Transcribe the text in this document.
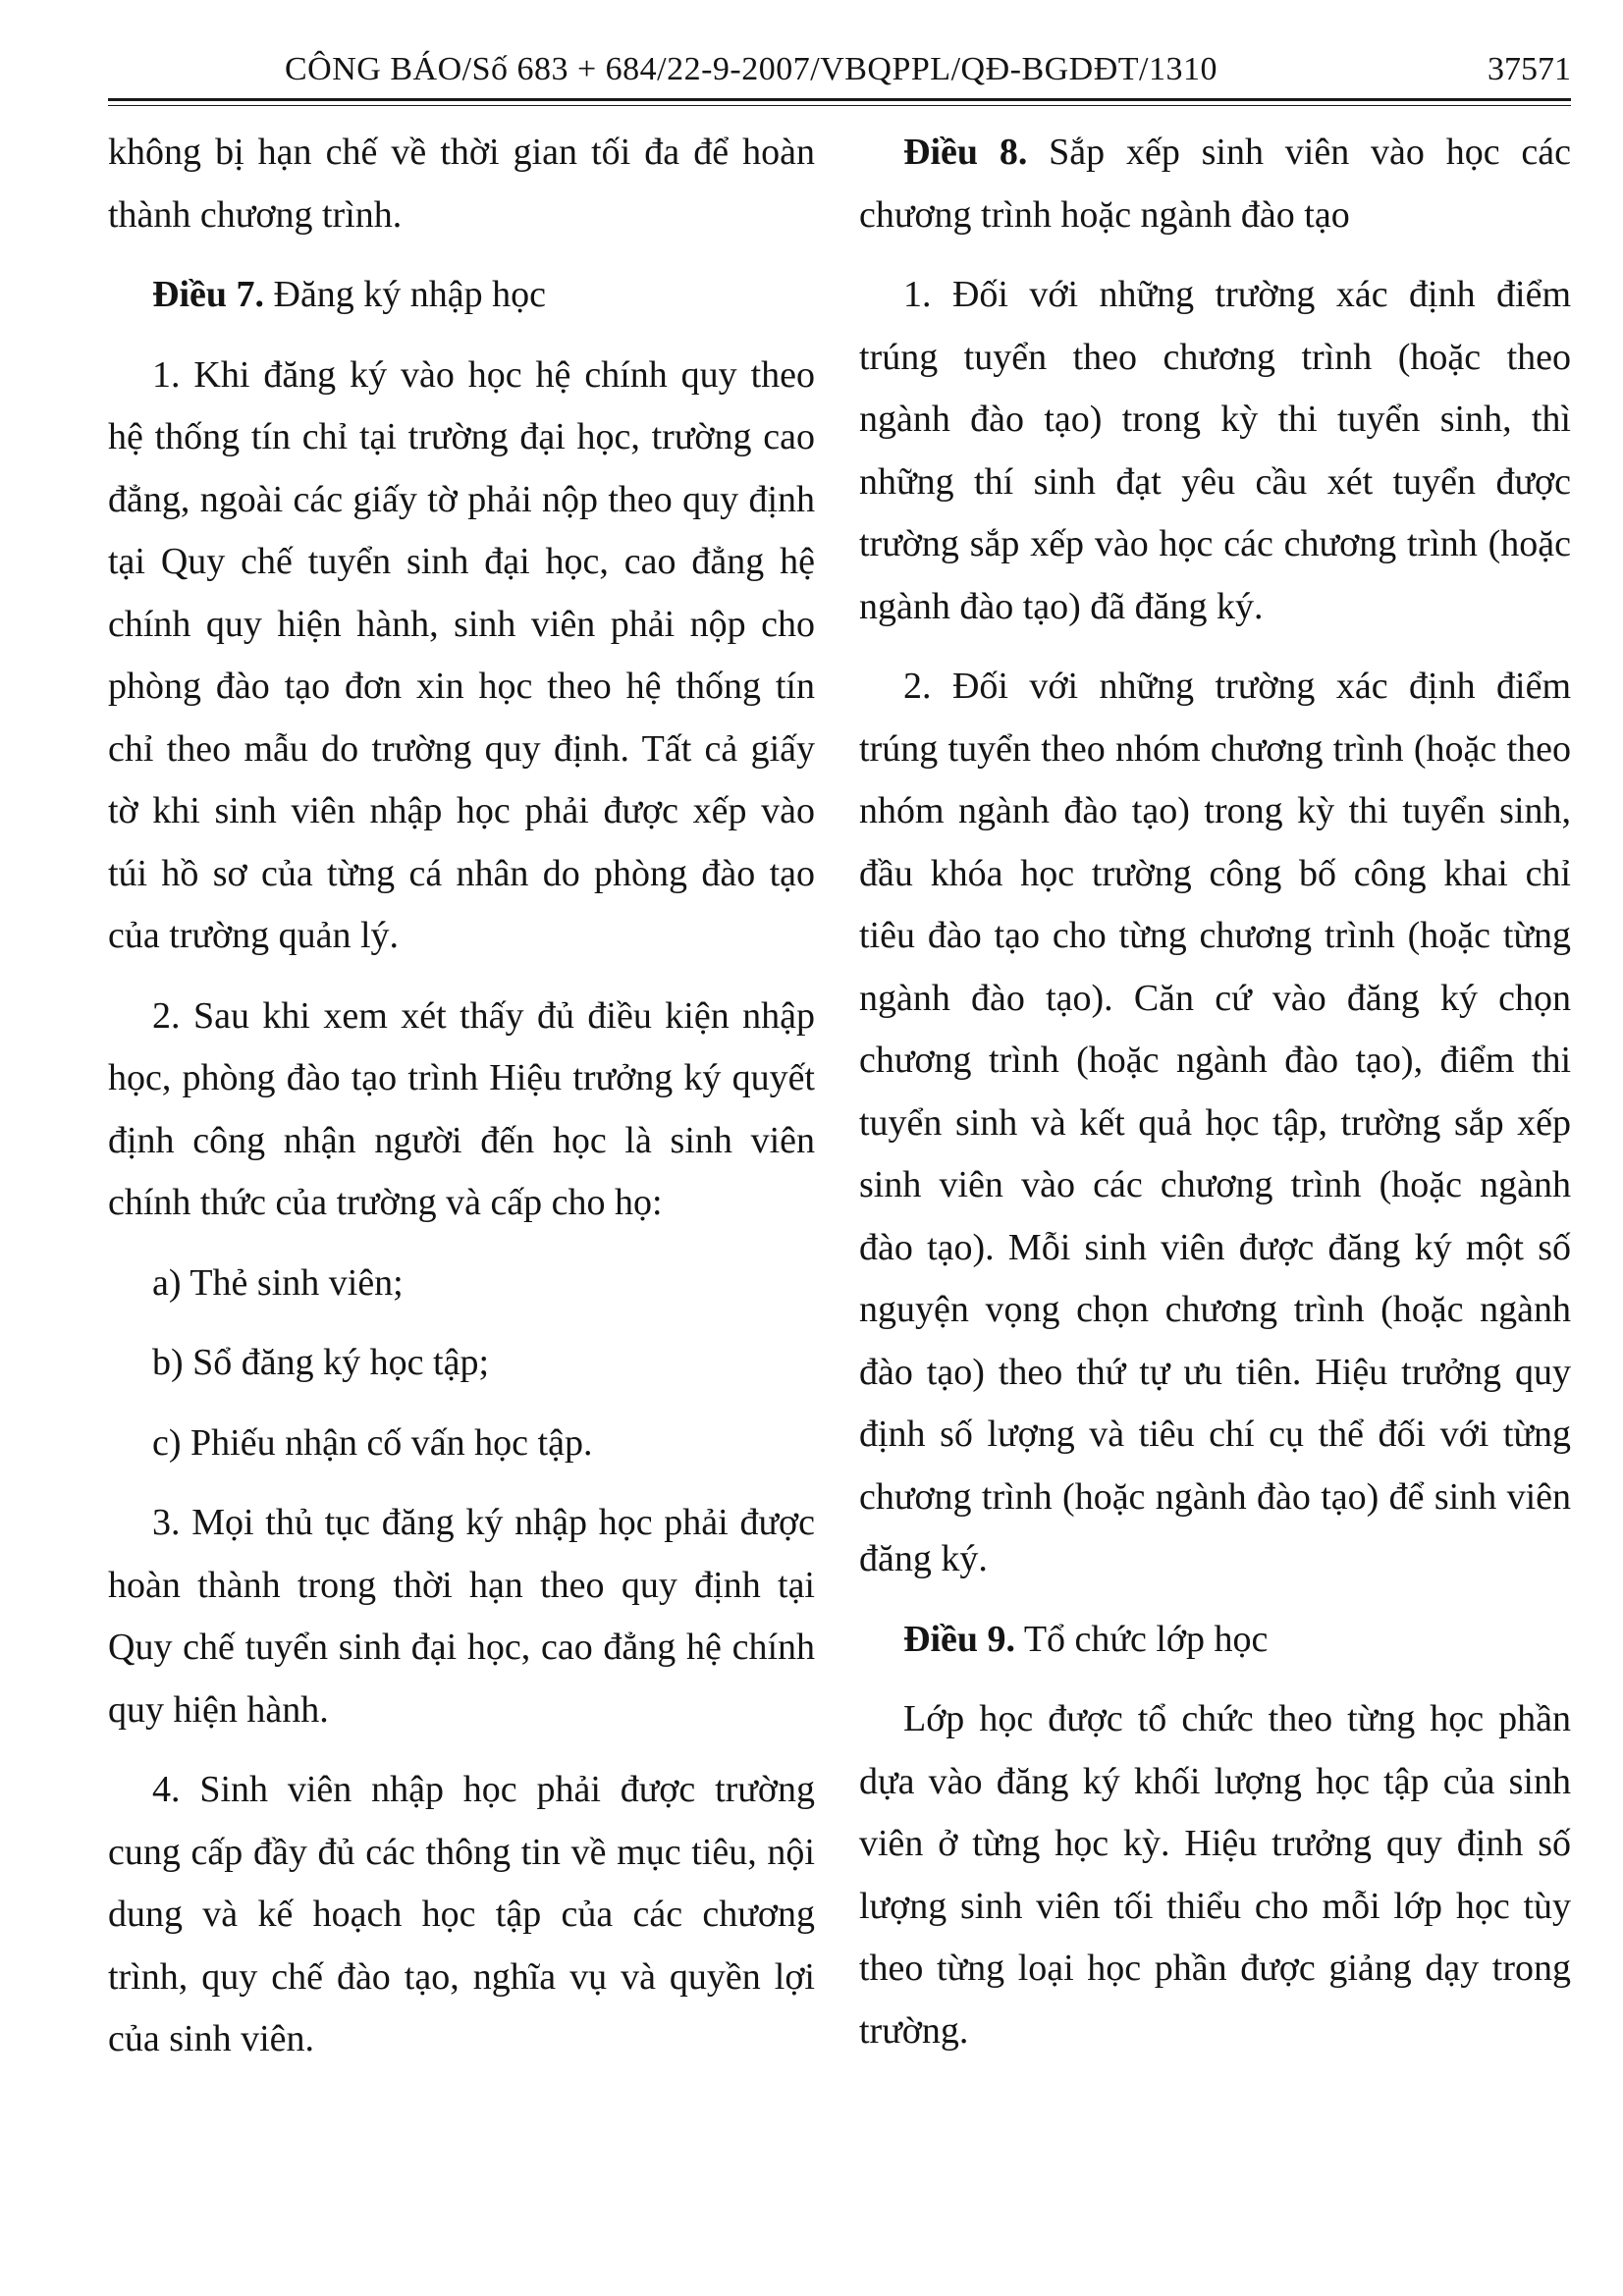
CÔNG BÁO/Số 683 + 684/22-9-2007/VBQPPL/QĐ-BGDĐT/1310	37571

không bị hạn chế về thời gian tối đa để hoàn thành chương trình.

Điều 7. Đăng ký nhập học

1. Khi đăng ký vào học hệ chính quy theo hệ thống tín chỉ tại trường đại học, trường cao đẳng, ngoài các giấy tờ phải nộp theo quy định tại Quy chế tuyển sinh đại học, cao đẳng hệ chính quy hiện hành, sinh viên phải nộp cho phòng đào tạo đơn xin học theo hệ thống tín chỉ theo mẫu do trường quy định. Tất cả giấy tờ khi sinh viên nhập học phải được xếp vào túi hồ sơ của từng cá nhân do phòng đào tạo của trường quản lý.

2. Sau khi xem xét thấy đủ điều kiện nhập học, phòng đào tạo trình Hiệu trưởng ký quyết định công nhận người đến học là sinh viên chính thức của trường và cấp cho họ:

a) Thẻ sinh viên;

b) Sổ đăng ký học tập;

c) Phiếu nhận cố vấn học tập.

3. Mọi thủ tục đăng ký nhập học phải được hoàn thành trong thời hạn theo quy định tại Quy chế tuyển sinh đại học, cao đẳng hệ chính quy hiện hành.

4. Sinh viên nhập học phải được trường cung cấp đầy đủ các thông tin về mục tiêu, nội dung và kế hoạch học tập của các chương trình, quy chế đào tạo, nghĩa vụ và quyền lợi của sinh viên.

Điều 8. Sắp xếp sinh viên vào học các chương trình hoặc ngành đào tạo

1. Đối với những trường xác định điểm trúng tuyển theo chương trình (hoặc theo ngành đào tạo) trong kỳ thi tuyển sinh, thì những thí sinh đạt yêu cầu xét tuyển được trường sắp xếp vào học các chương trình (hoặc ngành đào tạo) đã đăng ký.

2. Đối với những trường xác định điểm trúng tuyển theo nhóm chương trình (hoặc theo nhóm ngành đào tạo) trong kỳ thi tuyển sinh, đầu khóa học trường công bố công khai chỉ tiêu đào tạo cho từng chương trình (hoặc từng ngành đào tạo). Căn cứ vào đăng ký chọn chương trình (hoặc ngành đào tạo), điểm thi tuyển sinh và kết quả học tập, trường sắp xếp sinh viên vào các chương trình (hoặc ngành đào tạo). Mỗi sinh viên được đăng ký một số nguyện vọng chọn chương trình (hoặc ngành đào tạo) theo thứ tự ưu tiên. Hiệu trưởng quy định số lượng và tiêu chí cụ thể đối với từng chương trình (hoặc ngành đào tạo) để sinh viên đăng ký.

Điều 9. Tổ chức lớp học

Lớp học được tổ chức theo từng học phần dựa vào đăng ký khối lượng học tập của sinh viên ở từng học kỳ. Hiệu trưởng quy định số lượng sinh viên tối thiểu cho mỗi lớp học tùy theo từng loại học phần được giảng dạy trong trường.
